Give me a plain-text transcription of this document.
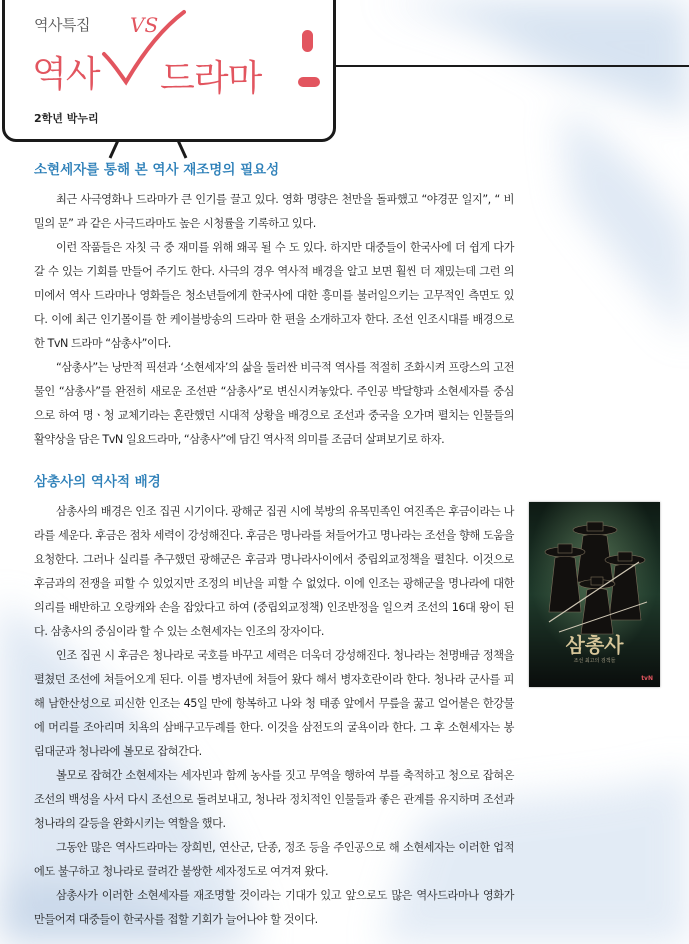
역사특집
역사 드라마
VS
2학년 박누리
소현세자를 통해 본 역사 재조명의 필요성

최근 사극영화나 드라마가 큰 인기를 끌고 있다. 영화 명량은 천만을 돌파했고 “야경꾼 일지”, “ 비밀의 문” 과 같은 사극드라마도 높은 시청률을 기록하고 있다.

이런 작품들은 자칫 극 중 재미를 위해 왜곡 될 수 도 있다. 하지만 대중들이 한국사에 더 쉽게 다가갈 수 있는 기회를 만들어 주기도 한다. 사극의 경우 역사적 배경을 알고 보면 훨씬 더 재밌는데 그런 의미에서 역사 드라마나 영화들은 청소년들에게 한국사에 대한 흥미를 불러일으키는 고무적인 측면도 있다. 이에 최근 인기몰이를 한 케이블방송의 드라마 한 편을 소개하고자 한다. 조선 인조시대를 배경으로 한 TvN 드라마 “삼총사”이다.

“삼총사”는 낭만적 픽션과 ‘소현세자’의 삶을 둘러싼 비극적 역사를 적절히 조화시켜 프랑스의 고전물인 “삼총사”를 완전히 새로운 조선판 “삼총사”로 변신시켜놓았다. 주인공 박달향과 소현세자를 중심으로 하여 명ㆍ청 교체기라는 혼란했던 시대적 상황을 배경으로 조선과 중국을 오가며 펼치는 인물들의 활약상을 담은 TvN 일요드라마, “삼총사”에 담긴 역사적 의미를 조금더 살펴보기로 하자.

삼총사의 역사적 배경

삼총사의 배경은 인조 집권 시기이다. 광해군 집권 시에 북방의 유목민족인 여진족은 후금이라는 나라를 세운다. 후금은 점차 세력이 강성해진다. 후금은 명나라를 쳐들어가고 명나라는 조선을 향해 도움을 요청한다. 그러나 실리를 추구했던 광해군은 후금과 명나라사이에서 중립외교정책을 펼친다. 이것으로 후금과의 전쟁을 피할 수 있었지만 조정의 비난을 피할 수 없었다. 이에 인조는 광해군을 명나라에 대한 의리를 배반하고 오랑캐와 손을 잡았다고 하여 (중립외교정책) 인조반정을 일으켜 조선의 16대 왕이 된다. 삼총사의 중심이라 할 수 있는 소현세자는 인조의 장자이다.

인조 집권 시 후금은 청나라로 국호를 바꾸고 세력은 더욱더 강성해진다. 청나라는 천명배금 정책을 펼쳤던 조선에 쳐들어오게 된다. 이를 병자년에 쳐들어 왔다 해서 병자호란이라 한다. 청나라 군사를 피해 남한산성으로 피신한 인조는 45일 만에 항복하고 나와 청 태종 앞에서 무릎을 꿇고 얼어붙은 한강물에 머리를 조아리며 치욕의 삼배구고두례를 한다. 이것을 삼전도의 굴욕이라 한다. 그 후 소현세자는 봉림대군과 청나라에 볼모로 잡혀간다.

볼모로 잡혀간 소현세자는 세자빈과 함께 농사를 짓고 무역을 행하여 부를 축적하고 청으로 잡혀온 조선의 백성을 사서 다시 조선으로 돌려보내고, 청나라 정치적인 인물들과 좋은 관계를 유지하며 조선과 청나라의 갈등을 완화시키는 역할을 했다.

그동안 많은 역사드라마는 장희빈, 연산군, 단종, 정조 등을 주인공으로 해 소현세자는 이러한 업적에도 불구하고 청나라로 끌려간 불쌍한 세자정도로 여겨져 왔다.

삼총사가 이러한 소현세자를 재조명할 것이라는 기대가 있고 앞으로도 많은 역사드라마나 영화가 만들어져 대중들이 한국사를 접할 기회가 늘어나야 할 것이다.

삼총사
조선 최고의 검객들
tvN
